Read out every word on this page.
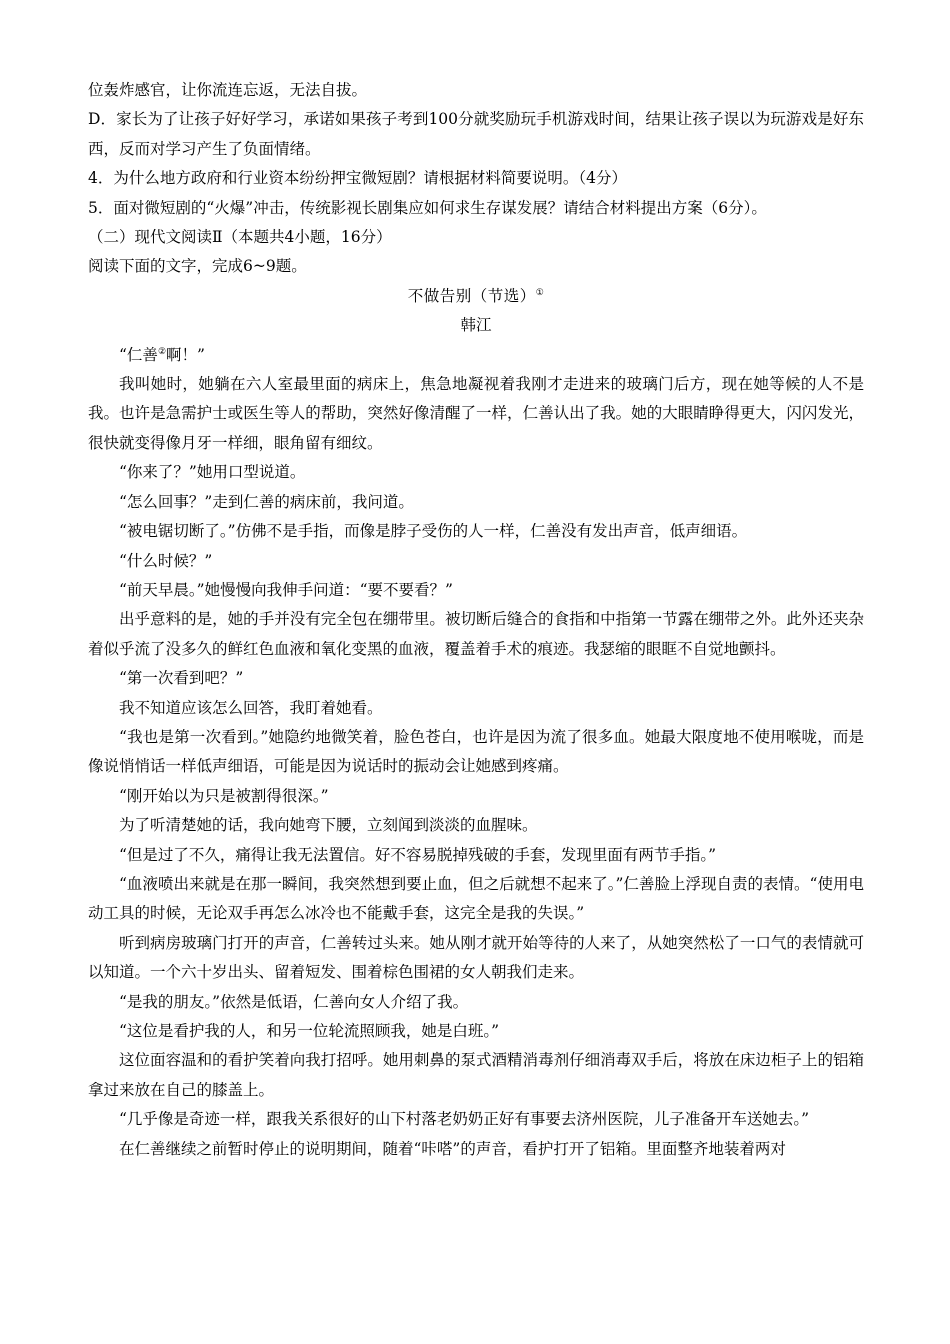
位轰炸感官，让你流连忘返，无法自拔。

D．家长为了让孩子好好学习，承诺如果孩子考到100分就奖励玩手机游戏时间，结果让孩子误以为玩游戏是好东西，反而对学习产生了负面情绪。

4．为什么地方政府和行业资本纷纷押宝微短剧？请根据材料简要说明。（4分）

5．面对微短剧的“火爆”冲击，传统影视长剧集应如何求生存谋发展？请结合材料提出方案（6分）。

（二）现代文阅读Ⅱ（本题共4小题，16分）

阅读下面的文字，完成6~9题。

不做告别（节选）①

韩江

“仁善②啊！”

我叫她时，她躺在六人室最里面的病床上，焦急地凝视着我刚才走进来的玻璃门后方，现在她等候的人不是我。也许是急需护士或医生等人的帮助，突然好像清醒了一样，仁善认出了我。她的大眼睛睁得更大，闪闪发光，很快就变得像月牙一样细，眼角留有细纹。

“你来了？”她用口型说道。

“怎么回事？”走到仁善的病床前，我问道。

“被电锯切断了。”仿佛不是手指，而像是脖子受伤的人一样，仁善没有发出声音，低声细语。

“什么时候？”

“前天早晨。”她慢慢向我伸手问道：“要不要看？”

出乎意料的是，她的手并没有完全包在绷带里。被切断后缝合的食指和中指第一节露在绷带之外。此外还夹杂着似乎流了没多久的鲜红色血液和氧化变黑的血液，覆盖着手术的痕迹。我瑟缩的眼眶不自觉地颤抖。

“第一次看到吧？”

我不知道应该怎么回答，我盯着她看。

“我也是第一次看到。”她隐约地微笑着，脸色苍白，也许是因为流了很多血。她最大限度地不使用喉咙，而是像说悄悄话一样低声细语，可能是因为说话时的振动会让她感到疼痛。

“刚开始以为只是被割得很深。”

为了听清楚她的话，我向她弯下腰，立刻闻到淡淡的血腥味。

“但是过了不久，痛得让我无法置信。好不容易脱掉残破的手套，发现里面有两节手指。”

“血液喷出来就是在那一瞬间，我突然想到要止血，但之后就想不起来了。”仁善脸上浮现自责的表情。“使用电动工具的时候，无论双手再怎么冰冷也不能戴手套，这完全是我的失误。”

听到病房玻璃门打开的声音，仁善转过头来。她从刚才就开始等待的人来了，从她突然松了一口气的表情就可以知道。一个六十岁出头、留着短发、围着棕色围裙的女人朝我们走来。

“是我的朋友。”依然是低语，仁善向女人介绍了我。

“这位是看护我的人，和另一位轮流照顾我，她是白班。”

这位面容温和的看护笑着向我打招呼。她用刺鼻的泵式酒精消毒剂仔细消毒双手后，将放在床边柜子上的铝箱拿过来放在自己的膝盖上。

“几乎像是奇迹一样，跟我关系很好的山下村落老奶奶正好有事要去济州医院，儿子准备开车送她去。”

在仁善继续之前暂时停止的说明期间，随着“咔嗒”的声音，看护打开了铝箱。里面整齐地装着两对
